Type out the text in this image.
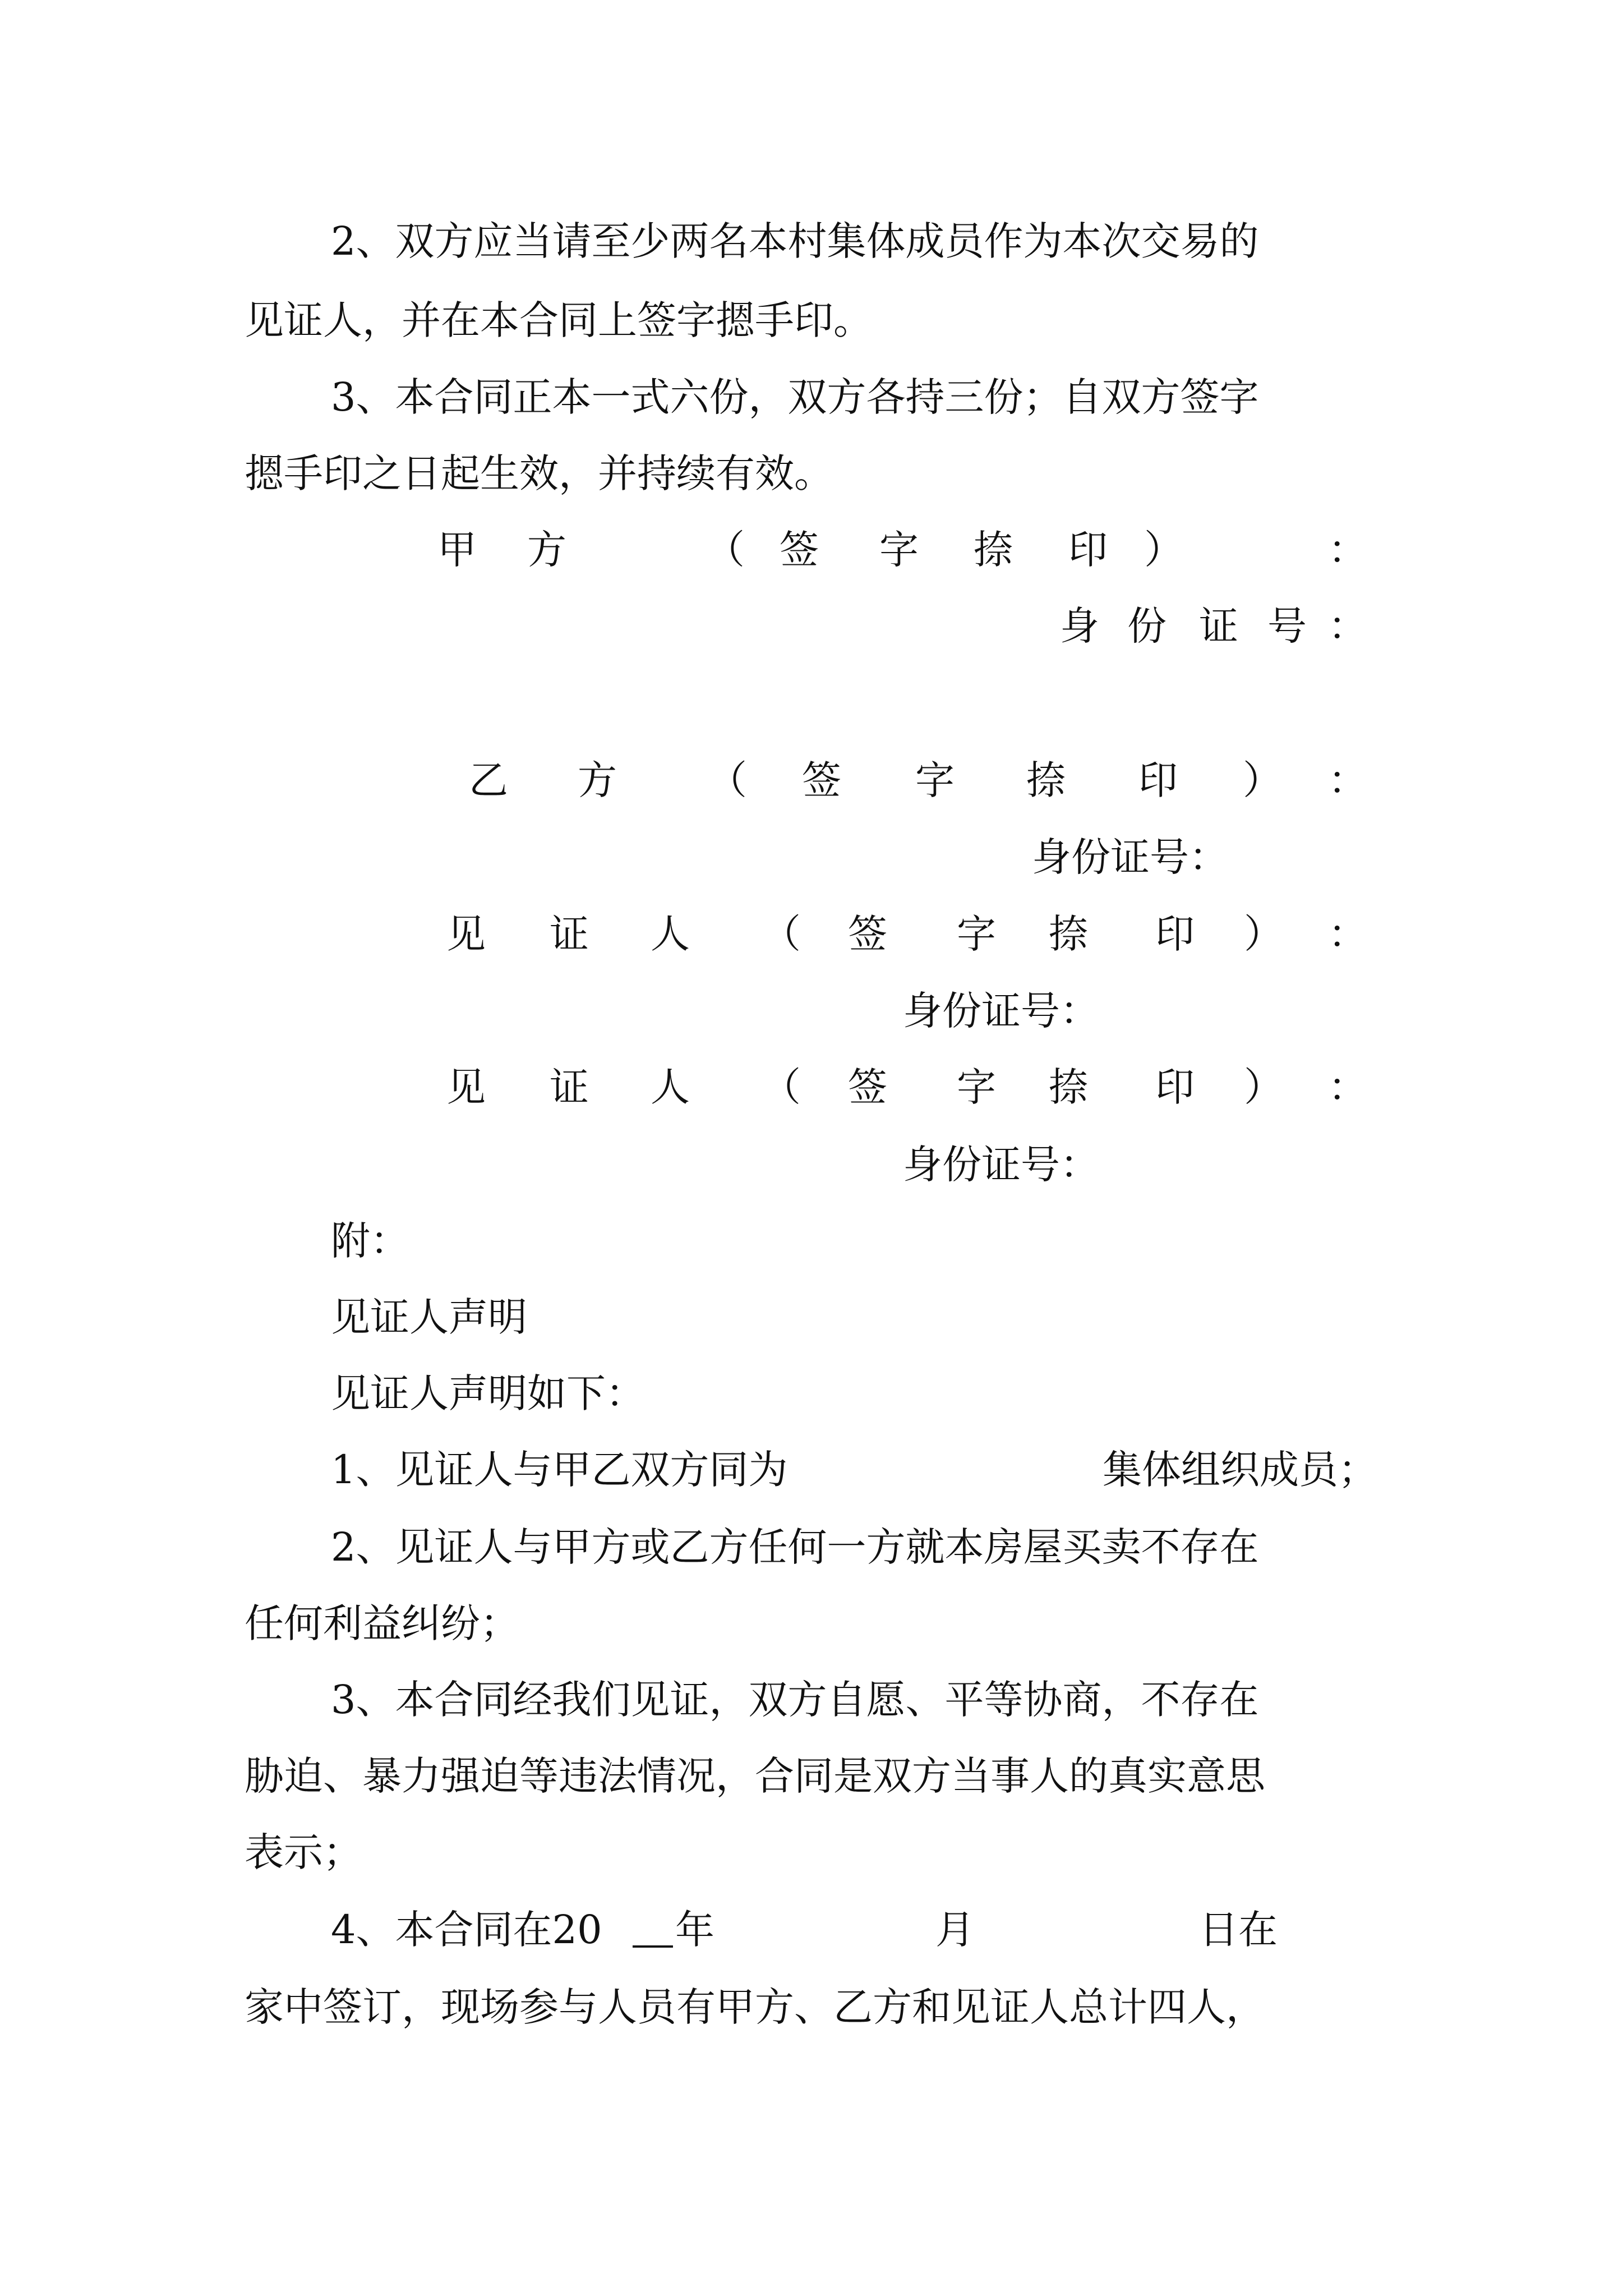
2、双方应当请至少两名本村集体成员作为本次交易的
见证人，并在本合同上签字摁手印。
3、本合同正本一式六份，双方各持三份；自双方签字
摁手印之日起生效，并持续有效。
甲 方	（ 签 字 捺 印 ）	：
身 份 证 号 ：
乙 方 （ 签 字 捺 印 ） ：
身份证号：
见 证 人 （ 签 字 捺 印 ） ：
身份证号：
见 证 人 （ 签 字 捺 印 ） ：
身份证号：
附：
见证人声明
见证人声明如下：
1、见证人与甲乙双方同为	集体组织成员；
2、见证人与甲方或乙方任何一方就本房屋买卖不存在
任何利益纠纷；
3、本合同经我们见证，双方自愿、平等协商，不存在
胁迫、暴力强迫等违法情况，合同是双方当事人的真实意思
表示；
4、本合同在20 年	月	日在
家中签订，现场参与人员有甲方、乙方和见证人总计四人，
